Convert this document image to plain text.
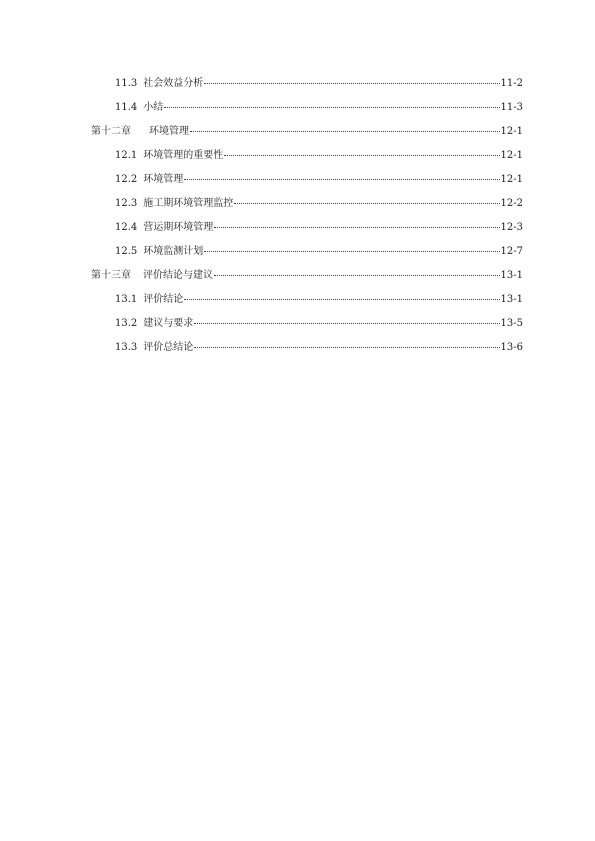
11.3 社会效益分析	11-2
11.4 小结	11-3
第十二章 环境管理	12-1
12.1 环境管理的重要性	12-1
12.2 环境管理	12-1
12.3 施工期环境管理监控	12-2
12.4 营运期环境管理	12-3
12.5 环境监测计划	12-7
第十三章 评价结论与建议	13-1
13.1 评价结论	13-1
13.2 建议与要求	13-5
13.3 评价总结论	13-6
